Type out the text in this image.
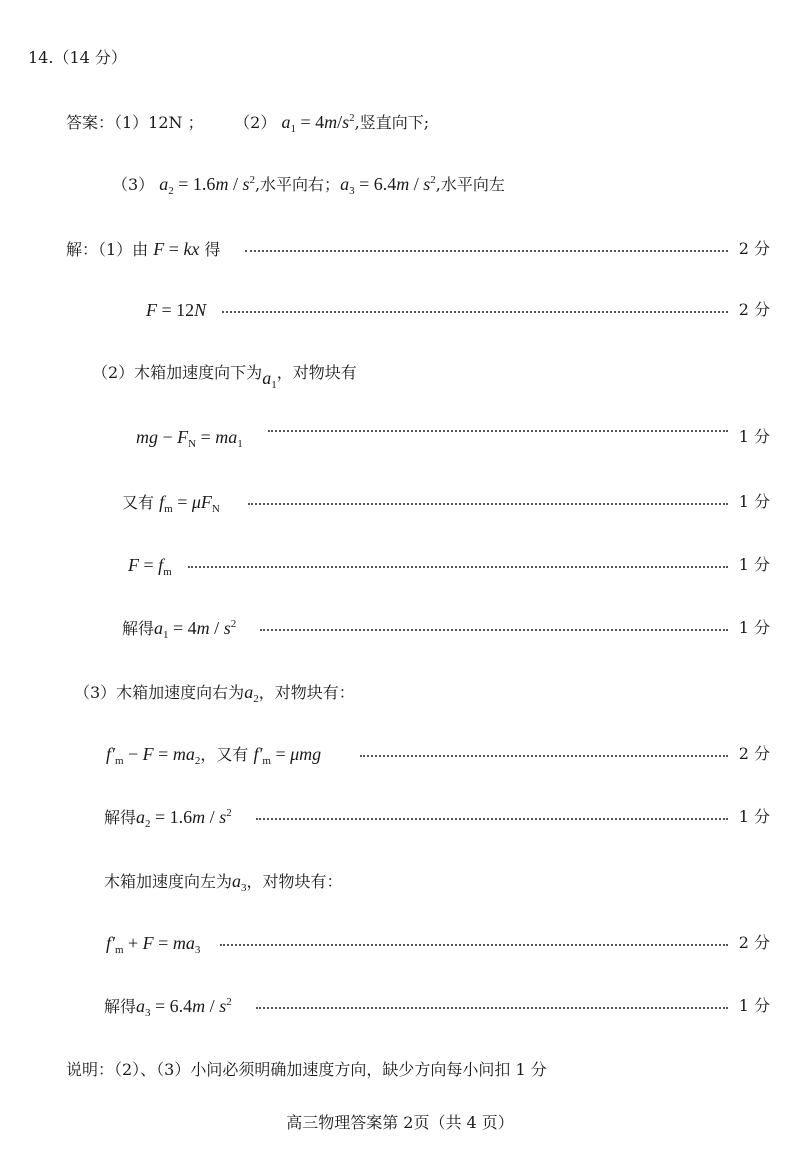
14.（14 分）
答案：（1）12N ； （2） $a_1 = 4m/s^2$,竖直向下;
（3） $a_2 = 1.6m / s^2$,水平向右；$a_3 = 6.4m / s^2$,水平向左
解：（1）由 F = kx 得	2 分
F = 12N	2 分
（2）木箱加速度向下为$a_1$，对物块有
mg − $F_N = ma_1$	1 分
又有 $f_m = \mu F_N$	1 分
$F = f_m$	1 分
解得$a_1 = 4m / s^2$	1 分
（3）木箱加速度向右为$a_2$，对物块有：
$f'_m - F = ma_2$，又有 $f'_m = \mu mg$	2 分
解得$a_2 = 1.6m / s^2$	1 分
木箱加速度向左为$a_3$，对物块有：
$f'_m + F = ma_3$	2 分
解得$a_3 = 6.4m / s^2$	1 分
说明：（2）、（3）小问必须明确加速度方向，缺少方向每小问扣 1 分
高三物理答案第 2页（共 4 页）
